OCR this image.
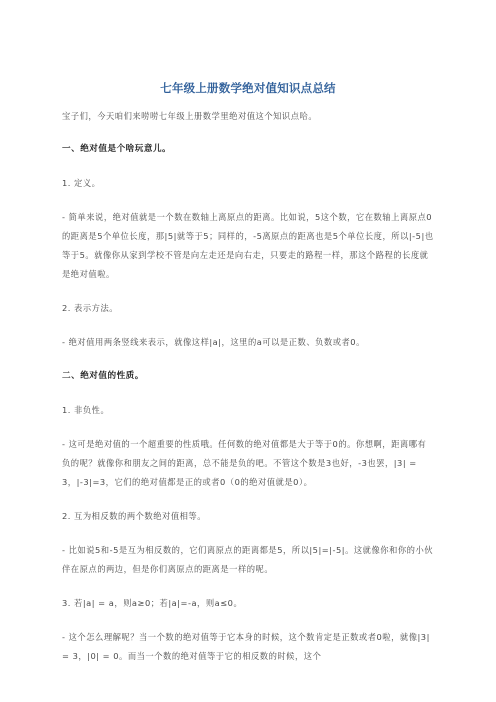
七年级上册数学绝对值知识点总结

宝子们，今天咱们来唠唠七年级上册数学里绝对值这个知识点哈。

一、绝对值是个啥玩意儿。

1. 定义。

- 简单来说，绝对值就是一个数在数轴上离原点的距离。比如说，5这个数，它在数轴上离原点0的距离是5个单位长度，那|5|就等于5；同样的，-5离原点的距离也是5个单位长度，所以|-5|也等于5。就像你从家到学校不管是向左走还是向右走，只要走的路程一样，那这个路程的长度就是绝对值啦。

2. 表示方法。

- 绝对值用两条竖线来表示，就像这样|a|，这里的a可以是正数、负数或者0。

二、绝对值的性质。

1. 非负性。

- 这可是绝对值的一个超重要的性质哦。任何数的绝对值都是大于等于0的。你想啊，距离哪有负的呢？就像你和朋友之间的距离，总不能是负的吧。不管这个数是3也好，-3也罢，|3| = 3，|-3|=3，它们的绝对值都是正的或者0（0的绝对值就是0）。

2. 互为相反数的两个数绝对值相等。

- 比如说5和-5是互为相反数的，它们离原点的距离都是5，所以|5|=|-5|。这就像你和你的小伙伴在原点的两边，但是你们离原点的距离是一样的呢。

3. 若|a| = a，则a≥0；若|a|=-a，则a≤0。

- 这个怎么理解呢？当一个数的绝对值等于它本身的时候，这个数肯定是正数或者0啦，就像|3| = 3，|0| = 0。而当一个数的绝对值等于它的相反数的时候，这个
